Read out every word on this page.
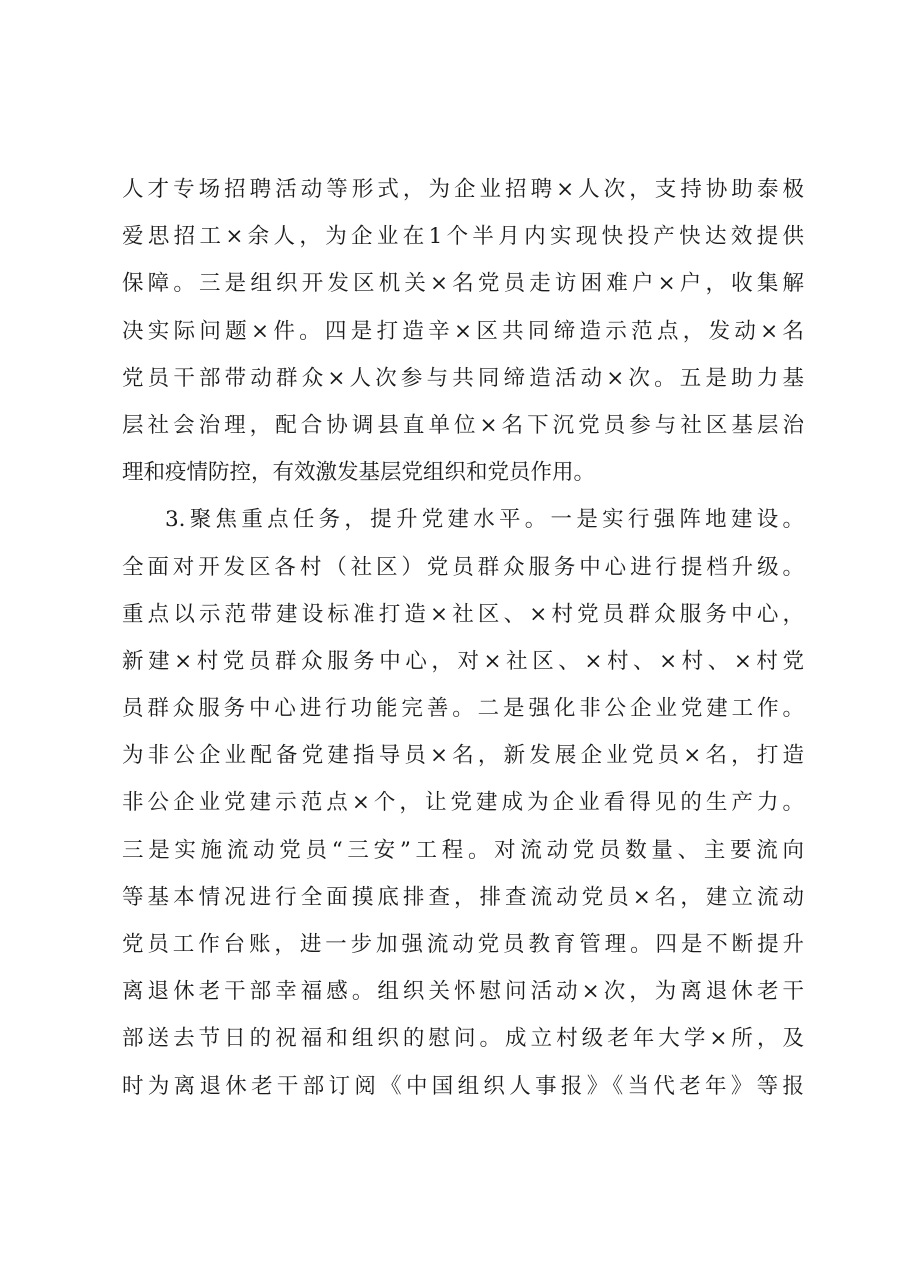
人才专场招聘活动等形式，为企业招聘×人次，支持协助泰极
爱思招工×余人，为企业在1个半月内实现快投产快达效提供
保障。三是组织开发区机关×名党员走访困难户×户，收集解
决实际问题×件。四是打造辛×区共同缔造示范点，发动×名
党员干部带动群众×人次参与共同缔造活动×次。五是助力基
层社会治理，配合协调县直单位×名下沉党员参与社区基层治
理和疫情防控，有效激发基层党组织和党员作用。
3.聚焦重点任务，提升党建水平。一是实行强阵地建设。
全面对开发区各村（社区）党员群众服务中心进行提档升级。
重点以示范带建设标准打造×社区、×村党员群众服务中心，
新建×村党员群众服务中心，对×社区、×村、×村、×村党
员群众服务中心进行功能完善。二是强化非公企业党建工作。
为非公企业配备党建指导员×名，新发展企业党员×名，打造
非公企业党建示范点×个，让党建成为企业看得见的生产力。
三是实施流动党员“三安”工程。对流动党员数量、主要流向
等基本情况进行全面摸底排查，排查流动党员×名，建立流动
党员工作台账，进一步加强流动党员教育管理。四是不断提升
离退休老干部幸福感。组织关怀慰问活动×次，为离退休老干
部送去节日的祝福和组织的慰问。成立村级老年大学×所，及
时为离退休老干部订阅《中国组织人事报》《当代老年》等报
